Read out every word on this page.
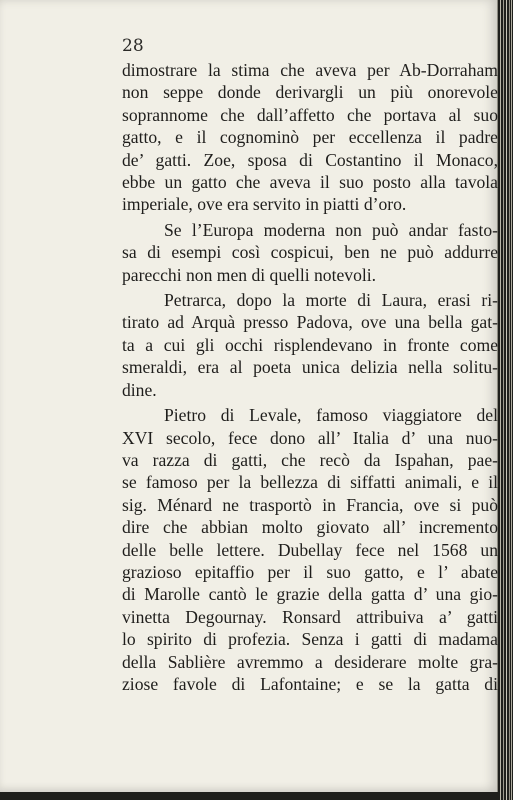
28
dimostrare la stima che aveva per Ab-Dorraham
non seppe donde derivargli un più onorevole
soprannome che dall’affetto che portava al suo
gatto, e il cognominò per eccellenza il padre
de’ gatti. Zoe, sposa di Costantino il Monaco,
ebbe un gatto che aveva il suo posto alla tavola
imperiale, ove era servito in piatti d’oro.
Se l’Europa moderna non può andar fasto-
sa di esempi così cospicui, ben ne può addurre
parecchi non men di quelli notevoli.
Petrarca, dopo la morte di Laura, erasi ri-
tirato ad Arquà presso Padova, ove una bella gat-
ta a cui gli occhi risplendevano in fronte come
smeraldi, era al poeta unica delizia nella solitu-
dine.
Pietro di Levale, famoso viaggiatore del
XVI secolo, fece dono all’ Italia d’ una nuo-
va razza di gatti, che recò da Ispahan, pae-
se famoso per la bellezza di siffatti animali, e il
sig. Ménard ne trasportò in Francia, ove si può
dire che abbian molto giovato all’ incremento
delle belle lettere. Dubellay fece nel 1568 un
grazioso epitaffio per il suo gatto, e l’ abate
di Marolle cantò le grazie della gatta d’ una gio-
vinetta Degournay. Ronsard attribuiva a’ gatti
lo spirito di profezia. Senza i gatti di madama
della Sablière avremmo a desiderare molte gra-
ziose favole di Lafontaine; e se la gatta di
